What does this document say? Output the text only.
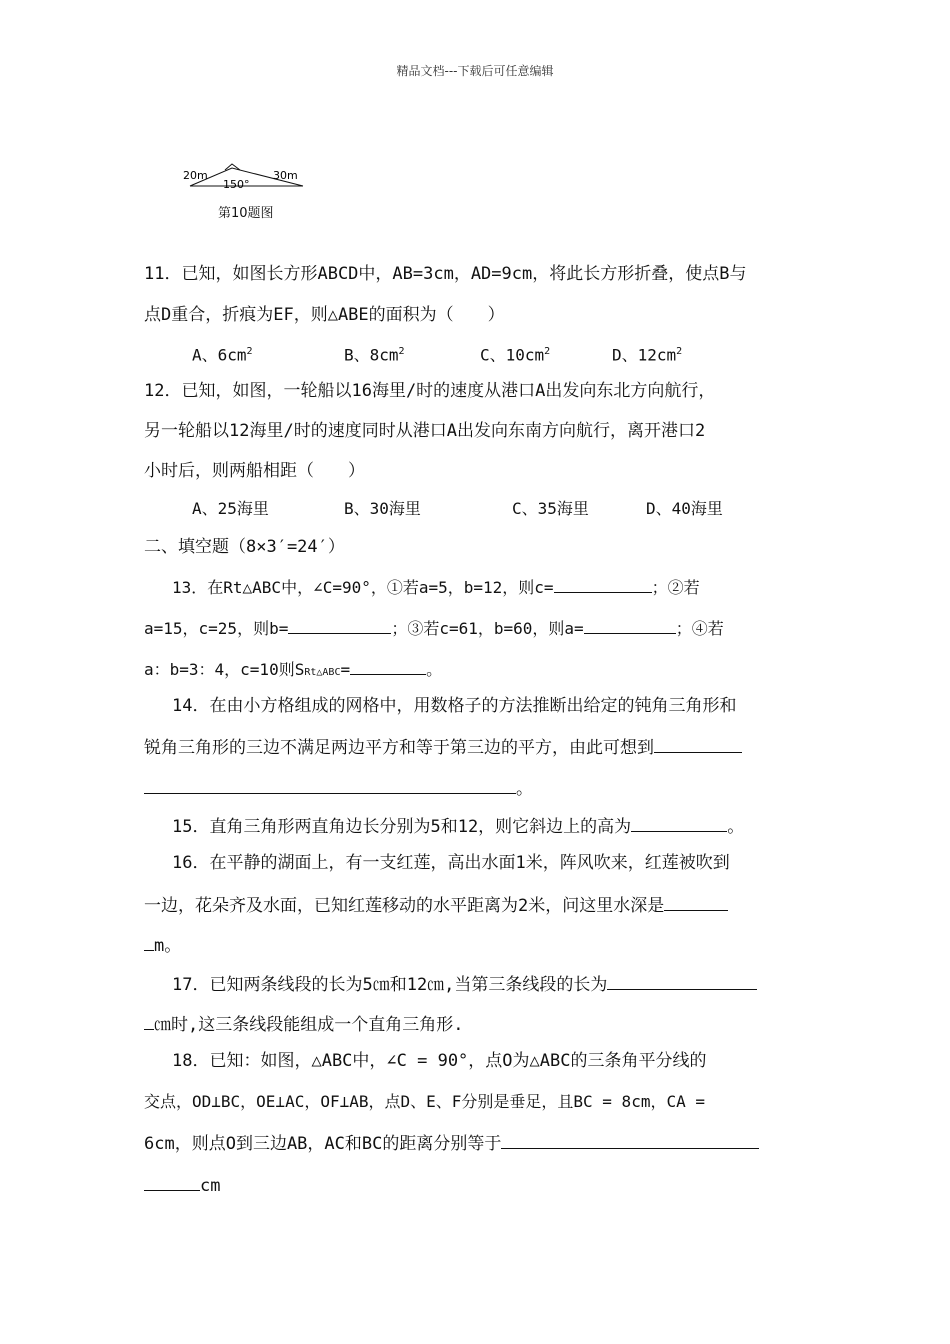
精品文档---下载后可任意编辑
20m	30m
150°
第10题图
11．已知，如图长方形ABCD中，AB=3cm，AD=9cm，将此长方形折叠，使点B与
点D重合，折痕为EF，则△ABE的面积为（　　）
A、$6cm^2$	B、$8cm^2$	C、$10cm^2$	D、$12cm^2$
12．已知，如图，一轮船以16海里/时的速度从港口A出发向东北方向航行，
另一轮船以12海里/时的速度同时从港口A出发向东南方向航行，离开港口2
小时后，则两船相距（　　）
A、25海里	B、30海里	C、35海里	D、40海里
二、填空题（8×3′=24′）
13．在Rt△ABC中，∠C=90°，①若a=5，b=12，则c=	；②若
a=15，c=25，则b=	；③若c=61，b=60，则a=	；④若
a：b=3：4，c=10则SRt△ABC=	。
14．在由小方格组成的网格中，用数格子的方法推断出给定的钝角三角形和
锐角三角形的三边不满足两边平方和等于第三边的平方，由此可想到
。
15．直角三角形两直角边长分别为5和12，则它斜边上的高为	。
16．在平静的湖面上，有一支红莲，高出水面1米，阵风吹来，红莲被吹到
一边，花朵齐及水面，已知红莲移动的水平距离为2米，问这里水深是
m。
17．已知两条线段的长为5㎝和12㎝,当第三条线段的长为
㎝时,这三条线段能组成一个直角三角形.
18．已知：如图，△ABC中，∠C = 90°，点O为△ABC的三条角平分线的
交点，OD⊥BC，OE⊥AC，OF⊥AB，点D、E、F分别是垂足，且BC = 8cm，CA =
6cm，则点O到三边AB，AC和BC的距离分别等于
cm
